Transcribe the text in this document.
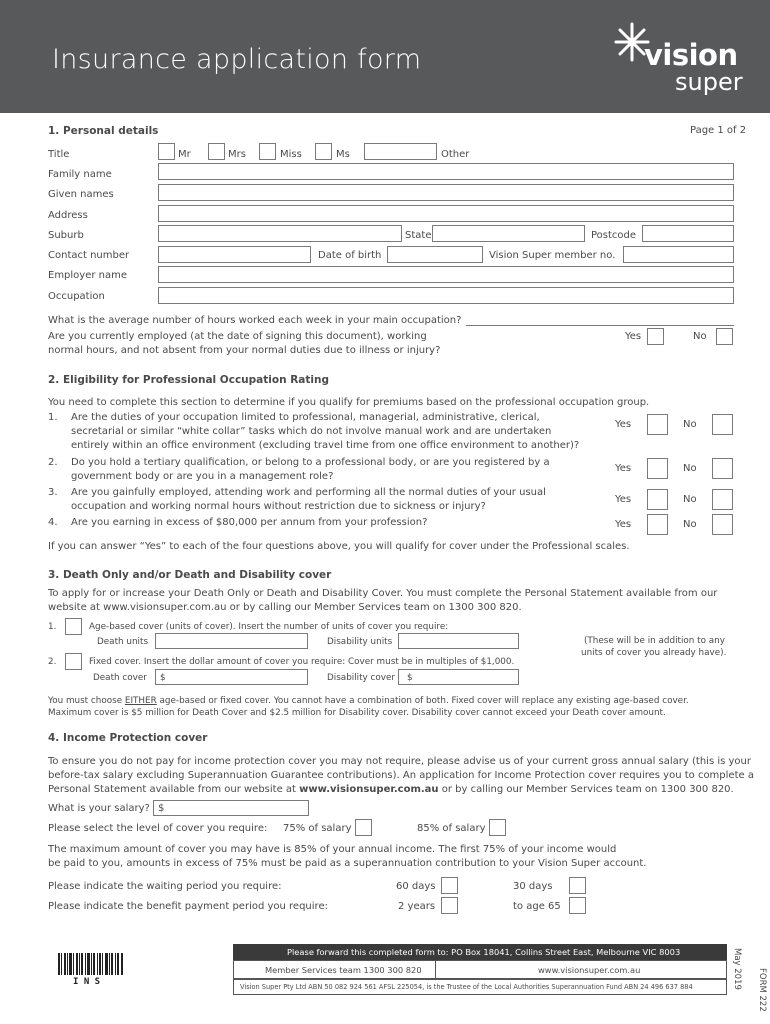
Insurance application form	vision
super
1. Personal details	Page 1 of 2
Title	Mr	Mrs	Miss	Ms	Other
Family name
Given names
Address
Suburb	State	Postcode
Contact number	Date of birth	Vision Super member no.
Employer name
Occupation
What is the average number of hours worked each week in your main occupation?
Are you currently employed (at the date of signing this document), working
normal hours, and not absent from your normal duties due to illness or injury?
Yes	No
2. Eligibility for Professional Occupation Rating
You need to complete this section to determine if you qualify for premiums based on the professional occupation group.
1. Are the duties of your occupation limited to professional, managerial, administrative, clerical,
secretarial or similar “white collar” tasks which do not involve manual work and are undertaken
entirely within an office environment (excluding travel time from one office environment to another)?
Yes	No
2. Do you hold a tertiary qualification, or belong to a professional body, or are you registered by a
government body or are you in a management role?
Yes	No
3. Are you gainfully employed, attending work and performing all the normal duties of your usual
occupation and working normal hours without restriction due to sickness or injury?
Yes	No
4. Are you earning in excess of $80,000 per annum from your profession?	Yes	No
If you can answer “Yes” to each of the four questions above, you will qualify for cover under the Professional scales.
3. Death Only and/or Death and Disability cover
To apply for or increase your Death Only or Death and Disability Cover. You must complete the Personal Statement available from our
website at www.visionsuper.com.au or by calling our Member Services team on 1300 300 820.
1.	Age-based cover (units of cover). Insert the number of units of cover you require:
Death units	Disability units	(These will be in addition to any
units of cover you already have).
2.	Fixed cover. Insert the dollar amount of cover you require: Cover must be in multiples of $1,000.
Death cover $	Disability cover $
You must choose EITHER age-based or fixed cover. You cannot have a combination of both. Fixed cover will replace any existing age-based cover.
Maximum cover is $5 million for Death Cover and $2.5 million for Disability cover. Disability cover cannot exceed your Death cover amount.
4. Income Protection cover
To ensure you do not pay for income protection cover you may not require, please advise us of your current gross annual salary (this is your
before-tax salary excluding Superannuation Guarantee contributions). An application for Income Protection cover requires you to complete a
Personal Statement available from our website at www.visionsuper.com.au or by calling our Member Services team on 1300 300 820.
What is your salary? $
Please select the level of cover you require: 75% of salary	85% of salary
The maximum amount of cover you may have is 85% of your annual income. The first 75% of your income would
be paid to you, amounts in excess of 75% must be paid as a superannuation contribution to your Vision Super account.
Please indicate the waiting period you require:	60 days	30 days
Please indicate the benefit payment period you require:	2 years	to age 65
I N S
Please forward this completed form to: PO Box 18041, Collins Street East, Melbourne VIC 8003
Member Services team 1300 300 820	www.visionsuper.com.au
Vision Super Pty Ltd ABN 50 082 924 561 AFSL 225054, is the Trustee of the Local Authorities Superannuation Fund ABN 24 496 637 884	May 2019 FORM 222
